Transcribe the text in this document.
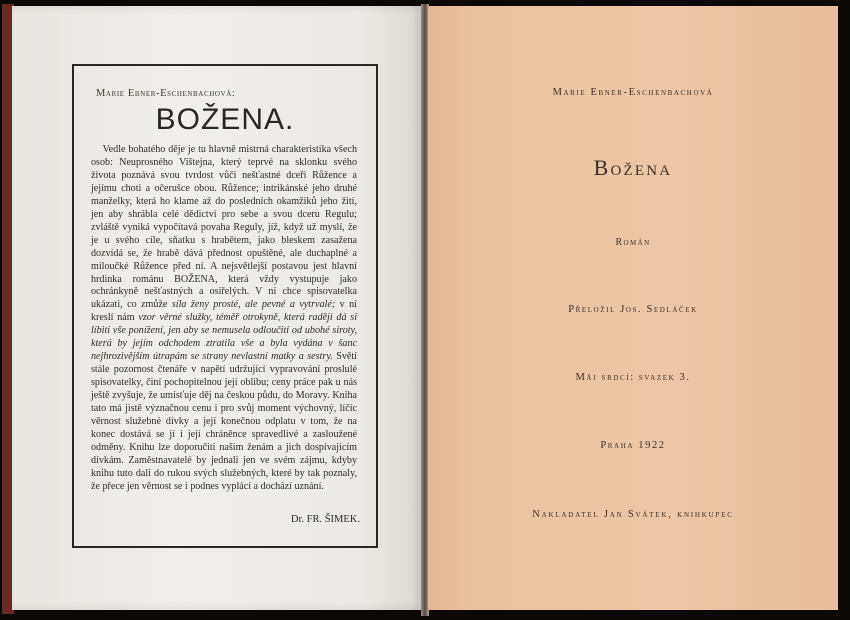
Marie Ebner-Eschenbachová:
BOŽENA.
Vedle bohatého děje je tu hlavně mistrná charakteristika všech osob: Neuprosného Vištejna, který teprvé na sklonku svého života poznává svou tvrdost vůči nešťastné dceři Růžence a jejímu choti a očerušce obou. Růžence; intrikánské jeho druhé manželky, která ho klame až do posledních okamžiků jeho žití, jen aby shrábla celé dědictví pro sebe a svou dceru Regulu; zvláště vyniká vypočítavá povaha Reguly, jíž, když už myslí, že je u svého cíle, sňatku s hrabětem, jako bleskem zasažena dozvídá se, že hrabě dává přednost opuštěné, ale duchaplné a miloučké Růžence před ní. A nejsvětlejší postavou jest hlavní hrdinka románu BOŽENA, která vždy vystupuje jako ochránkyně nešťastných a osiřelých. V ní chce spisovatelka ukázati, co zmůže síla ženy prosté, ale pevné a vytrvalé; v ní kreslí nám vzor věrné služky, téměř otrokyně, která raději dá si líbiti vše ponížení, jen aby se nemusela odloučiti od ubohé siroty, která by jejím odchodem ztratila vše a byla vydána v šanc nejhrozivějším útrapám se strany nevlastní matky a sestry. Světí stále pozornost čtenáře v napětí udržující vypravování proslulé spisovatelky, činí pochopitelnou její oblibu; ceny práce pak u nás ještě zvyšuje, že umísťuje děj na českou půdu, do Moravy. Kniha tato má jistě význačnou cenu i pro svůj moment výchovný, líčíc věrnost služebné dívky a její konečnou odplatu v tom, že na konec dostává se jí i její chráněnce spravedlivé a zasloužené odměny. Knihu lze doporučiti našim ženám a jich dospívajícím dívkám. Zaměstnavatelé by jednali jen ve svém zájmu, kdyby knihu tuto dali do rukou svých služebných, které by tak poznaly, že přece jen věrnost se i podnes vyplácí a dochází uznání.
Dr. FR. ŠIMEK.
Marie Ebner-Eschenbachová
Božena
Román
Přeložil Jos. Sedláček
Máj srdcí: svazek 3.
Praha 1922
Nakladatel Jan Svátek, knihkupec
